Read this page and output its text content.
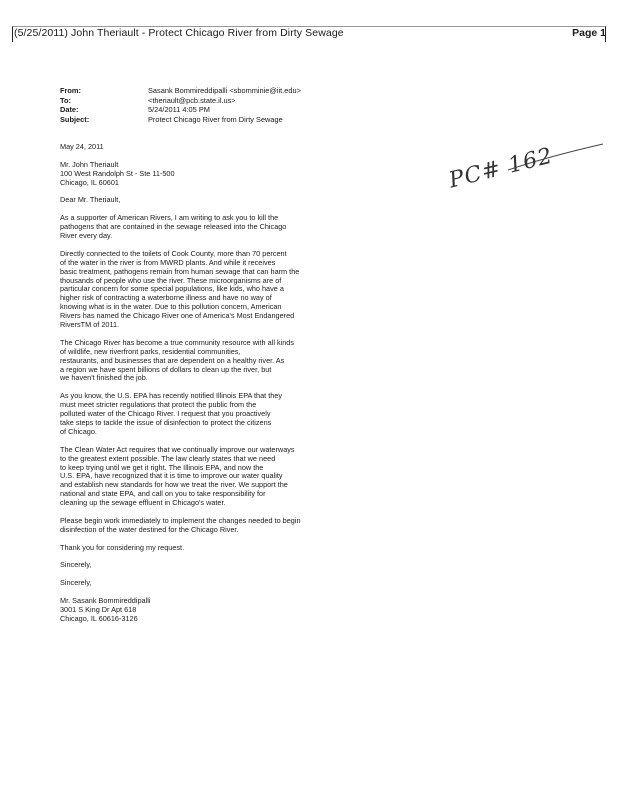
(5/25/2011) John Theriault - Protect Chicago River from Dirty Sewage	Page 1
From:	Sasank Bommireddipalli <sbomminie@iit.edu>
To:	<theriault@pcb.state.il.us>
Date:	5/24/2011 4:05 PM
Subject:	Protect Chicago River from Dirty Sewage
PC# 162

May 24, 2011

Mr. John Theriault
100 West Randolph St - Ste 11-500
Chicago, IL 60601

Dear Mr. Theriault,

As a supporter of American Rivers, I am writing to ask you to kill the
pathogens that are contained in the sewage released into the Chicago
River every day.
Directly connected to the toilets of Cook County, more than 70 percent
of the water in the river is from MWRD plants. And while it receives
basic treatment, pathogens remain from human sewage that can harm the
thousands of people who use the river. These microorganisms are of
particular concern for some special populations, like kids, who have a
higher risk of contracting a waterborne illness and have no way of
knowing what is in the water. Due to this pollution concern, American
Rivers has named the Chicago River one of America's Most Endangered
RiversTM of 2011.
The Chicago River has become a true community resource with all kinds
of wildlife, new riverfront parks, residential communities,
restaurants, and businesses that are dependent on a healthy river. As
a region we have spent billions of dollars to clean up the river, but
we haven't finished the job.
As you know, the U.S. EPA has recently notified Illinois EPA that they
must meet stricter regulations that protect the public from the
polluted water of the Chicago River. I request that you proactively
take steps to tackle the issue of disinfection to protect the citizens
of Chicago.
The Clean Water Act requires that we continually improve our waterways
to the greatest extent possible. The law clearly states that we need
to keep trying until we get it right. The Illinois EPA, and now the
U.S. EPA, have recognized that it is time to improve our water quality
and establish new standards for how we treat the river. We support the
national and state EPA, and call on you to take responsibility for
cleaning up the sewage effluent in Chicago's water.
Please begin work immediately to implement the changes needed to begin
disinfection of the water destined for the Chicago River.
Thank you for considering my request.
Sincerely,
Sincerely,
Mr. Sasank Bommireddipalli
3001 S King Dr Apt 618
Chicago, IL 60616-3126
